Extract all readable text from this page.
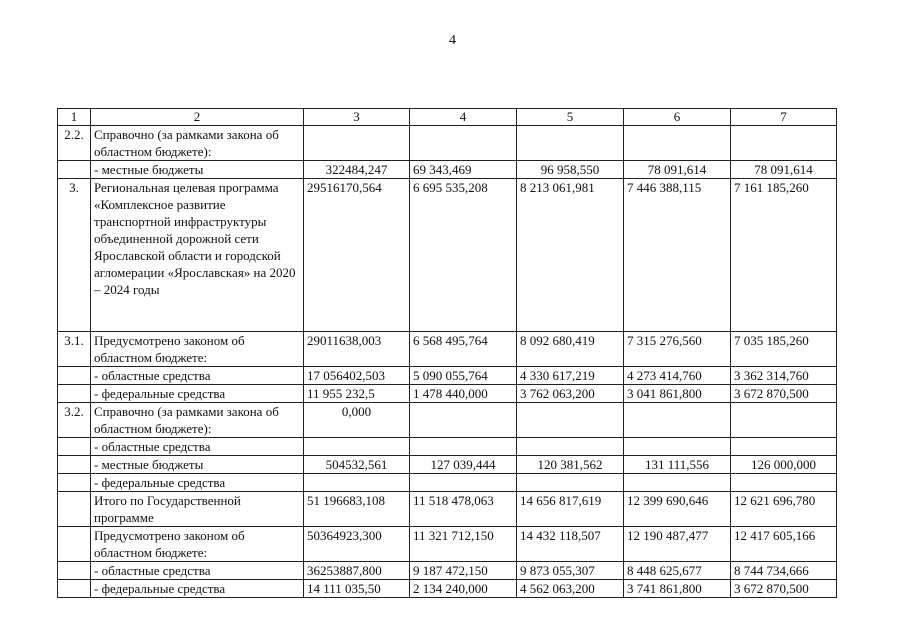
4
1	2	3	4	5	6	7
2.2.	Справочно (за рамками закона об областном бюджете):					
	- местные бюджеты	322484,247	69 343,469	96 958,550	78 091,614	78 091,614
3.	Региональная целевая программа «Комплексное развитие транспортной инфраструктуры объединенной дорожной сети Ярославской области и городской агломерации «Ярославская» на 2020 – 2024 годы	29516170,564	6 695 535,208	8 213 061,981	7 446 388,115	7 161 185,260
3.1.	Предусмотрено законом об областном бюджете:	29011638,003	6 568 495,764	8 092 680,419	7 315 276,560	7 035 185,260
	- областные средства	17 056402,503	5 090 055,764	4 330 617,219	4 273 414,760	3 362 314,760
	- федеральные средства	11 955 232,5	1 478 440,000	3 762 063,200	3 041 861,800	3 672 870,500
3.2.	Справочно (за рамками закона об областном бюджете):	0,000				
	- областные средства					
	- местные бюджеты	504532,561	127 039,444	120 381,562	131 111,556	126 000,000
	- федеральные средства					
	Итого по Государственной программе	51 196683,108	11 518 478,063	14 656 817,619	12 399 690,646	12 621 696,780
	Предусмотрено законом об областном бюджете:	50364923,300	11 321 712,150	14 432 118,507	12 190 487,477	12 417 605,166
	- областные средства	36253887,800	9 187 472,150	9 873 055,307	8 448 625,677	8 744 734,666
	- федеральные средства	14 111 035,50	2 134 240,000	4 562 063,200	3 741 861,800	3 672 870,500
